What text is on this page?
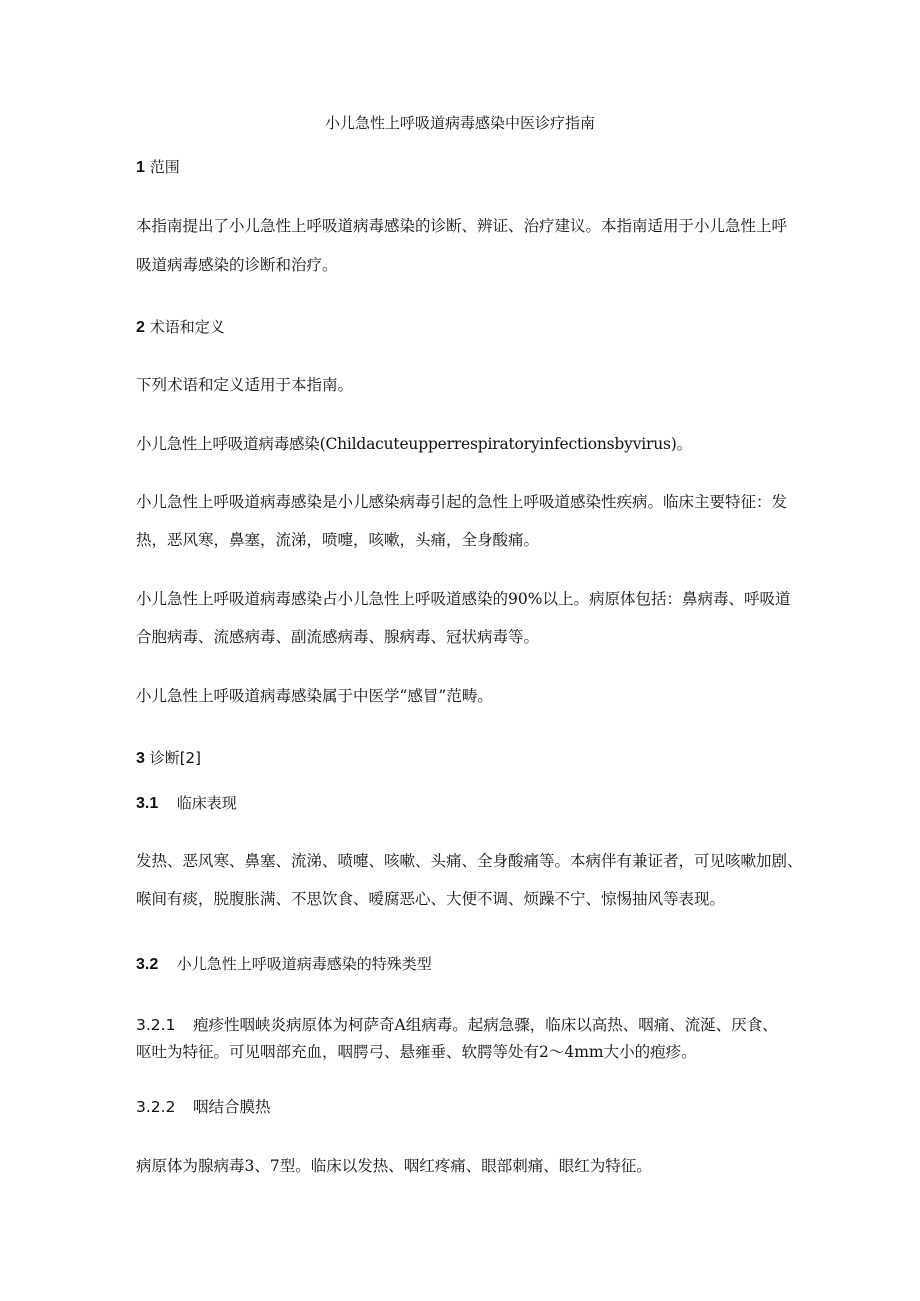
小儿急性上呼吸道病毒感染中医诊疗指南
1 范围
本指南提出了小儿急性上呼吸道病毒感染的诊断、辨证、治疗建议。本指南适用于小儿急性上呼
吸道病毒感染的诊断和治疗。
2 术语和定义
下列术语和定义适用于本指南。
小儿急性上呼吸道病毒感染(Childacuteupperrespiratoryinfectionsbyvirus)。
小儿急性上呼吸道病毒感染是小儿感染病毒引起的急性上呼吸道感染性疾病。临床主要特征：发
热，恶风寒，鼻塞，流涕，喷嚏，咳嗽，头痛，全身酸痛。
小儿急性上呼吸道病毒感染占小儿急性上呼吸道感染的90%以上。病原体包括：鼻病毒、呼吸道
合胞病毒、流感病毒、副流感病毒、腺病毒、冠状病毒等。
小儿急性上呼吸道病毒感染属于中医学“感冒”范畴。
3 诊断[2]
3.1 临床表现
发热、恶风寒、鼻塞、流涕、喷嚏、咳嗽、头痛、全身酸痛等。本病伴有兼证者，可见咳嗽加剧、
喉间有痰，脱腹胀满、不思饮食、嗳腐恶心、大便不调、烦躁不宁、惊惕抽风等表现。
3.2 小儿急性上呼吸道病毒感染的特殊类型
3.2.1 疱疹性咽峡炎病原体为柯萨奇A组病毒。起病急骤，临床以高热、咽痛、流涎、厌食、
呕吐为特征。可见咽部充血，咽腭弓、悬雍垂、软腭等处有2～4mm大小的疱疹。
3.2.2 咽结合膜热
病原体为腺病毒3、7型。临床以发热、咽红疼痛、眼部刺痛、眼红为特征。
